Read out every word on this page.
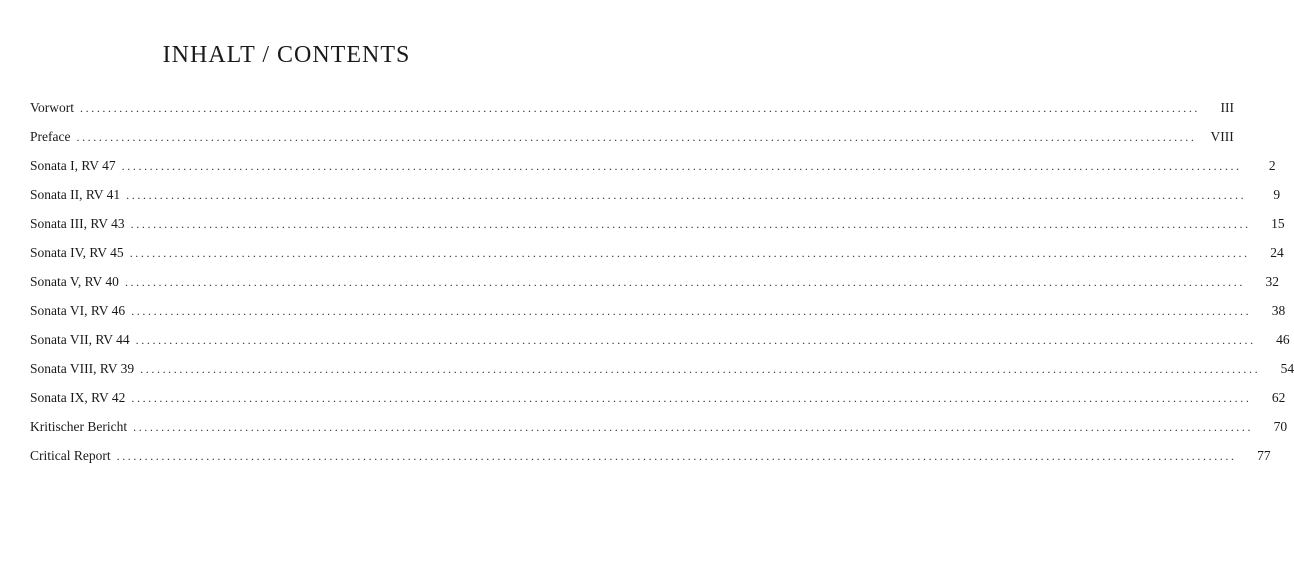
INHALT / CONTENTS
Vorwort ........................................................................................................................................................................................................	III
Preface ........................................................................................................................................................................................................	VIII
Sonata I, RV 47 ........................................................................................................................................................................................................	2
Sonata II, RV 41 ........................................................................................................................................................................................................	9
Sonata III, RV 43 ........................................................................................................................................................................................................	15
Sonata IV, RV 45 ........................................................................................................................................................................................................	24
Sonata V, RV 40 ........................................................................................................................................................................................................	32
Sonata VI, RV 46 ........................................................................................................................................................................................................	38
Sonata VII, RV 44 ........................................................................................................................................................................................................	46
Sonata VIII, RV 39 ........................................................................................................................................................................................................	54
Sonata IX, RV 42 ........................................................................................................................................................................................................	62
Kritischer Bericht ........................................................................................................................................................................................................	70
Critical Report ........................................................................................................................................................................................................	77
